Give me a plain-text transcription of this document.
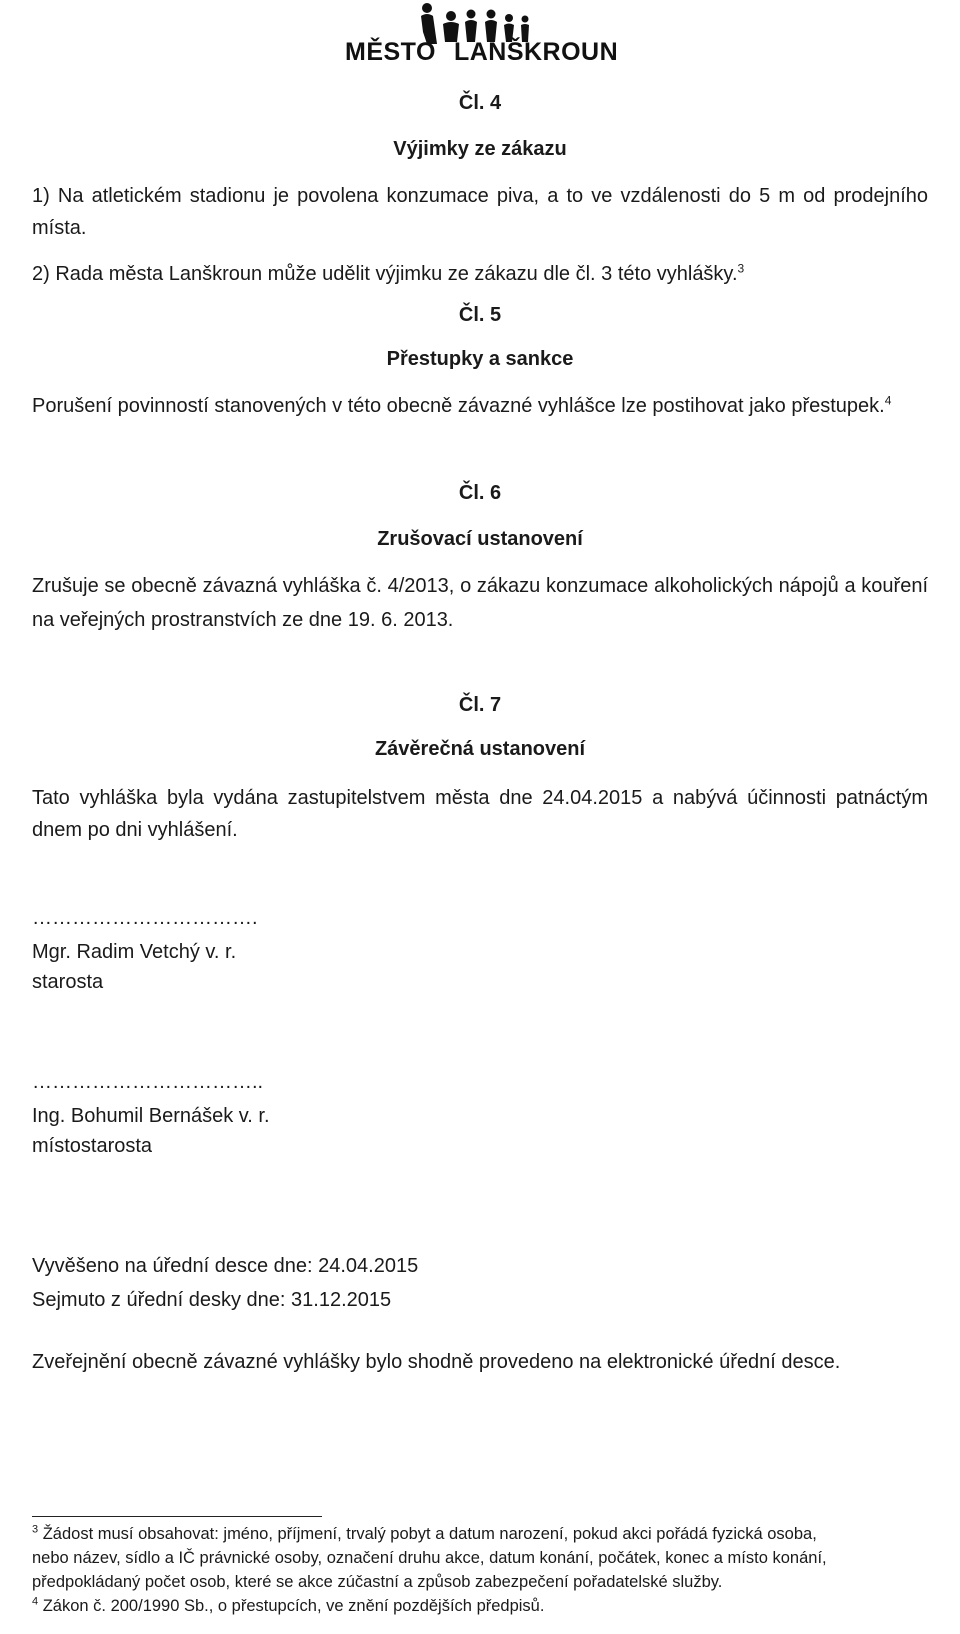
MĚSTO LANŠKROUN
Čl. 4
Výjimky ze zákazu

1) Na atletickém stadionu je povolena konzumace piva, a to ve vzdálenosti do 5 m od prodejního

místa.

2) Rada města Lanškroun může udělit výjimku ze zákazu dle čl. 3 této vyhlášky.$^3$

Čl. 5
Přestupky a sankce

Porušení povinností stanovených v této obecně závazné vyhlášce lze postihovat jako přestupek.$^4$

Čl. 6
Zrušovací ustanovení

Zrušuje se obecně závazná vyhláška č. 4/2013, o zákazu konzumace alkoholických nápojů a kouření

na veřejných prostranstvích ze dne 19. 6. 2013.

Čl. 7
Závěrečná ustanovení

Tato vyhláška byla vydána zastupitelstvem města dne 24.04.2015 a nabývá účinnosti patnáctým

dnem po dni vyhlášení.

…………………………….
Mgr. Radim Vetchý v. r.
starosta
……………………………..
Ing. Bohumil Bernášek v. r.
místostarosta
Vyvěšeno na úřední desce dne: 24.04.2015
Sejmuto z úřední desky dne: 31.12.2015
Zveřejnění obecně závazné vyhlášky bylo shodně provedeno na elektronické úřední desce.

$^3$ Žádost musí obsahovat: jméno, příjmení, trvalý pobyt a datum narození, pokud akci pořádá fyzická osoba,

nebo název, sídlo a IČ právnické osoby, označení druhu akce, datum konání, počátek, konec a místo konání,

předpokládaný počet osob, které se akce zúčastní a způsob zabezpečení pořadatelské služby.

$^4$ Zákon č. 200/1990 Sb., o přestupcích, ve znění pozdějších předpisů.
